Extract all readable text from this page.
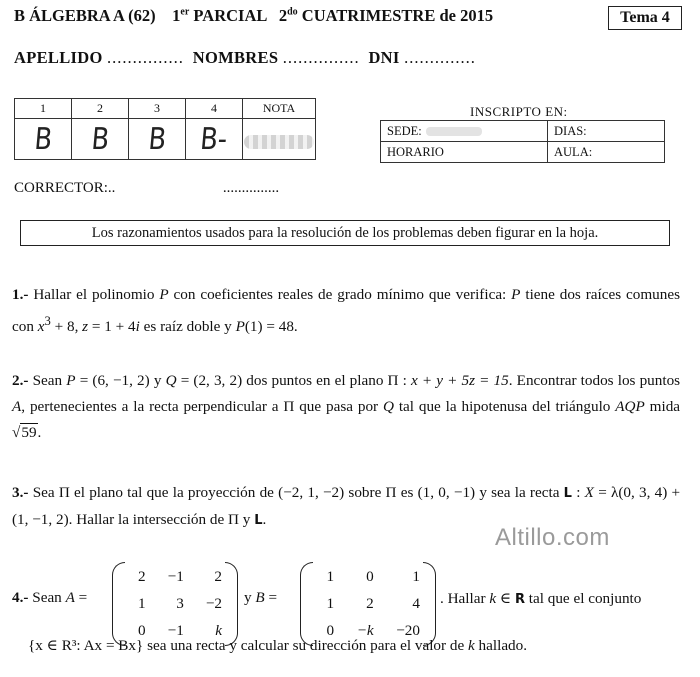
B ÁLGEBRA A (62) 1er PARCIAL $2^{do}$ CUATRIMESTRE de 2015	Tema 4
APELLIDO ............... NOMBRES ............... DNI ..............
1	2	3	4	NOTA
B	B	B	B-	
INSCRIPTO EN:
SEDE:	DIAS:
HORARIO	AULA:
CORRECTOR:..	...............
Los razonamientos usados para la resolución de los problemas deben figurar en la hoja.
1.- Hallar el polinomio P con coeficientes reales de grado mínimo que verifica: P tiene dos raíces comunes con $x^3 + 8$, z = 1 + 4i es raíz doble y P(1) = 48.
2.- Sean P = (6, −1, 2) y Q = (2, 3, 2) dos puntos en el plano Π : x + y + 5z = 15. Encontrar todos los puntos A, pertenecientes a la recta perpendicular a Π que pasa por Q tal que la hipotenusa del triángulo AQP mida √59.
3.- Sea Π el plano tal que la proyección de (−2, 1, −2) sobre Π es (1, 0, −1) y sea la recta L : X = λ(0, 3, 4) + (1, −1, 2). Hallar la intersección de Π y L.
Altillo.com
4.- Sean A =
2	−1	2
1	3	−2
0	−1	k
y B =
1	0	1
1	2	4
0	−k	−20
. Hallar k ∈ R tal que el conjunto
{x ∈ R³: Ax = Bx} sea una recta y calcular su dirección para el valor de k hallado.
